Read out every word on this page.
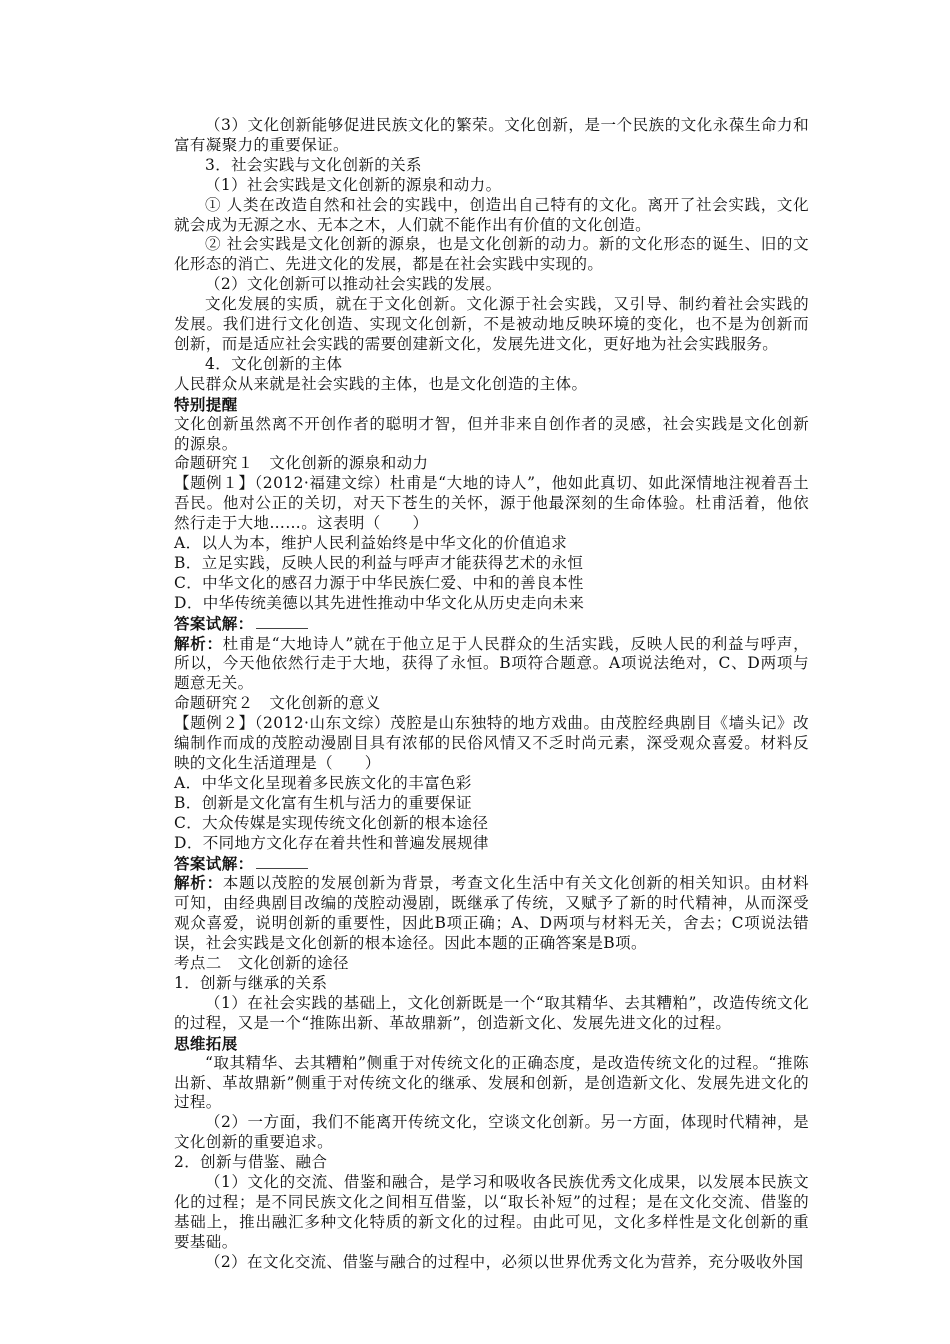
（3）文化创新能够促进民族文化的繁荣。文化创新，是一个民族的文化永葆生命力和富有凝聚力的重要保证。

3．社会实践与文化创新的关系

（1）社会实践是文化创新的源泉和动力。

① 人类在改造自然和社会的实践中，创造出自己特有的文化。离开了社会实践，文化就会成为无源之水、无本之木，人们就不能作出有价值的文化创造。

② 社会实践是文化创新的源泉，也是文化创新的动力。新的文化形态的诞生、旧的文化形态的消亡、先进文化的发展，都是在社会实践中实现的。

（2）文化创新可以推动社会实践的发展。

文化发展的实质，就在于文化创新。文化源于社会实践，又引导、制约着社会实践的发展。我们进行文化创造、实现文化创新，不是被动地反映环境的变化，也不是为创新而创新，而是适应社会实践的需要创建新文化，发展先进文化，更好地为社会实践服务。

4．文化创新的主体

人民群众从来就是社会实践的主体，也是文化创造的主体。

特别提醒

文化创新虽然离不开创作者的聪明才智，但并非来自创作者的灵感，社会实践是文化创新的源泉。

命题研究１　文化创新的源泉和动力

【题例１】（2012·福建文综）杜甫是“大地的诗人”，他如此真切、如此深情地注视着吾土吾民。他对公正的关切，对天下苍生的关怀，源于他最深刻的生命体验。杜甫活着，他依然行走于大地……。这表明（　　）

A．以人为本，维护人民利益始终是中华文化的价值追求

B．立足实践，反映人民的利益与呼声才能获得艺术的永恒

C．中华文化的感召力源于中华民族仁爱、中和的善良本性

D．中华传统美德以其先进性推动中华文化从历史走向未来

答案试解：

解析：杜甫是“大地诗人”就在于他立足于人民群众的生活实践，反映人民的利益与呼声，所以，今天他依然行走于大地，获得了永恒。B项符合题意。A项说法绝对，C、D两项与题意无关。

命题研究２　文化创新的意义

【题例２】（2012·山东文综）茂腔是山东独特的地方戏曲。由茂腔经典剧目《墙头记》改编制作而成的茂腔动漫剧目具有浓郁的民俗风情又不乏时尚元素，深受观众喜爱。材料反映的文化生活道理是（　　）

A．中华文化呈现着多民族文化的丰富色彩

B．创新是文化富有生机与活力的重要保证

C．大众传媒是实现传统文化创新的根本途径

D．不同地方文化存在着共性和普遍发展规律

答案试解：

解析：本题以茂腔的发展创新为背景，考查文化生活中有关文化创新的相关知识。由材料可知，由经典剧目改编的茂腔动漫剧，既继承了传统，又赋予了新的时代精神，从而深受观众喜爱，说明创新的重要性，因此B项正确；A、D两项与材料无关，舍去；C项说法错误，社会实践是文化创新的根本途径。因此本题的正确答案是B项。

考点二　文化创新的途径

1．创新与继承的关系

（1）在社会实践的基础上，文化创新既是一个“取其精华、去其糟粕”，改造传统文化的过程，又是一个“推陈出新、革故鼎新”，创造新文化、发展先进文化的过程。

思维拓展

“取其精华、去其糟粕”侧重于对传统文化的正确态度，是改造传统文化的过程。“推陈出新、革故鼎新”侧重于对传统文化的继承、发展和创新，是创造新文化、发展先进文化的过程。

（2）一方面，我们不能离开传统文化，空谈文化创新。另一方面，体现时代精神，是文化创新的重要追求。

2．创新与借鉴、融合

（1）文化的交流、借鉴和融合，是学习和吸收各民族优秀文化成果，以发展本民族文化的过程；是不同民族文化之间相互借鉴，以“取长补短”的过程；是在文化交流、借鉴的基础上，推出融汇多种文化特质的新文化的过程。由此可见，文化多样性是文化创新的重要基础。

（2）在文化交流、借鉴与融合的过程中，必须以世界优秀文化为营养，充分吸收外国
